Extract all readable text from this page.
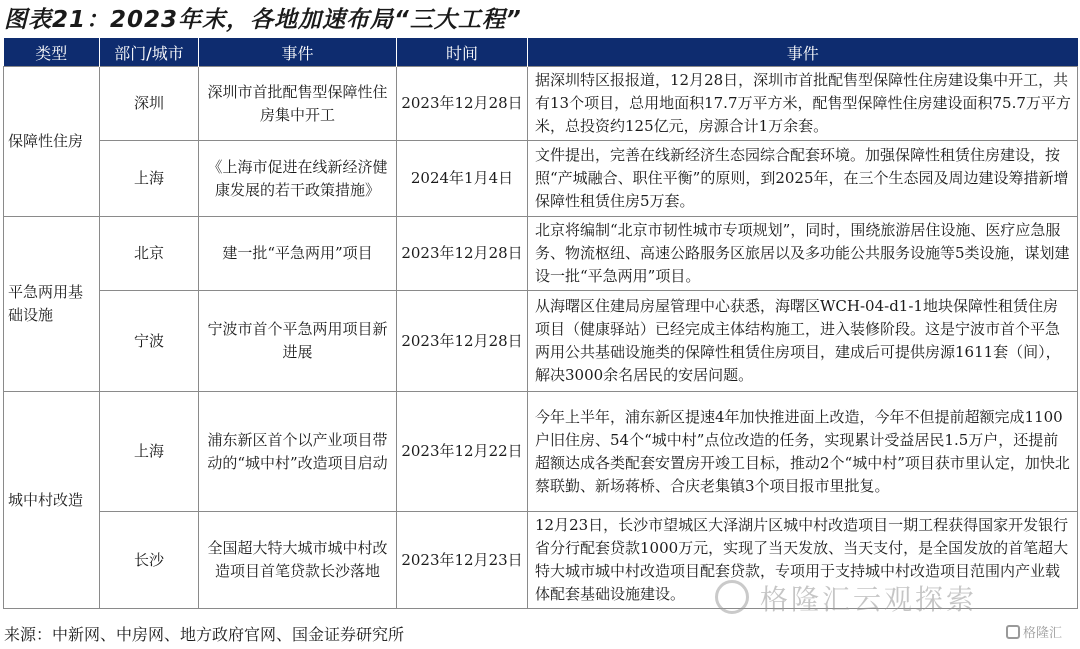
图表21：2023年末，各地加速布局“三大工程”
类型	部门/城市	事件	时间	事件
保障性住房	深圳	深圳市首批配售型保障性住房集中开工	2023年12月28日	据深圳特区报报道，12月28日，深圳市首批配售型保障性住房建设集中开工，共有13个项目，总用地面积17.7万平方米，配售型保障性住房建设面积75.7万平方米，总投资约125亿元，房源合计1万余套。
	上海	《上海市促进在线新经济健康发展的若干政策措施》	2024年1月4日	文件提出，完善在线新经济生态园综合配套环境。加强保障性租赁住房建设，按照“产城融合、职住平衡”的原则，到2025年，在三个生态园及周边建设筹措新增保障性租赁住房5万套。
平急两用基础设施	北京	建一批“平急两用”项目	2023年12月28日	北京将编制“北京市韧性城市专项规划”，同时，围绕旅游居住设施、医疗应急服务、物流枢纽、高速公路服务区旅居以及多功能公共服务设施等5类设施，谋划建设一批“平急两用”项目。
	宁波	宁波市首个平急两用项目新进展	2023年12月28日	从海曙区住建局房屋管理中心获悉，海曙区WCH-04-d1-1地块保障性租赁住房项目（健康驿站）已经完成主体结构施工，进入装修阶段。这是宁波市首个平急两用公共基础设施类的保障性租赁住房项目，建成后可提供房源1611套（间），解决3000余名居民的安居问题。
城中村改造	上海	浦东新区首个以产业项目带动的“城中村”改造项目启动	2023年12月22日	今年上半年，浦东新区提速4年加快推进面上改造，今年不但提前超额完成1100户旧住房、54个“城中村”点位改造的任务，实现累计受益居民1.5万户，还提前超额达成各类配套安置房开竣工目标，推动2个“城中村”项目获市里认定，加快北蔡联勤、新场蒋桥、合庆老集镇3个项目报市里批复。
	长沙	全国超大特大城市城中村改造项目首笔贷款长沙落地	2023年12月23日	12月23日，长沙市望城区大泽湖片区城中村改造项目一期工程获得国家开发银行省分行配套贷款1000万元，实现了当天发放、当天支付，是全国发放的首笔超大特大城市城中村改造项目配套贷款，专项用于支持城中村改造项目范围内产业载体配套基础设施建设。	格隆汇云观探索
来源：中新网、中房网、地方政府官网、国金证券研究所	格隆汇
